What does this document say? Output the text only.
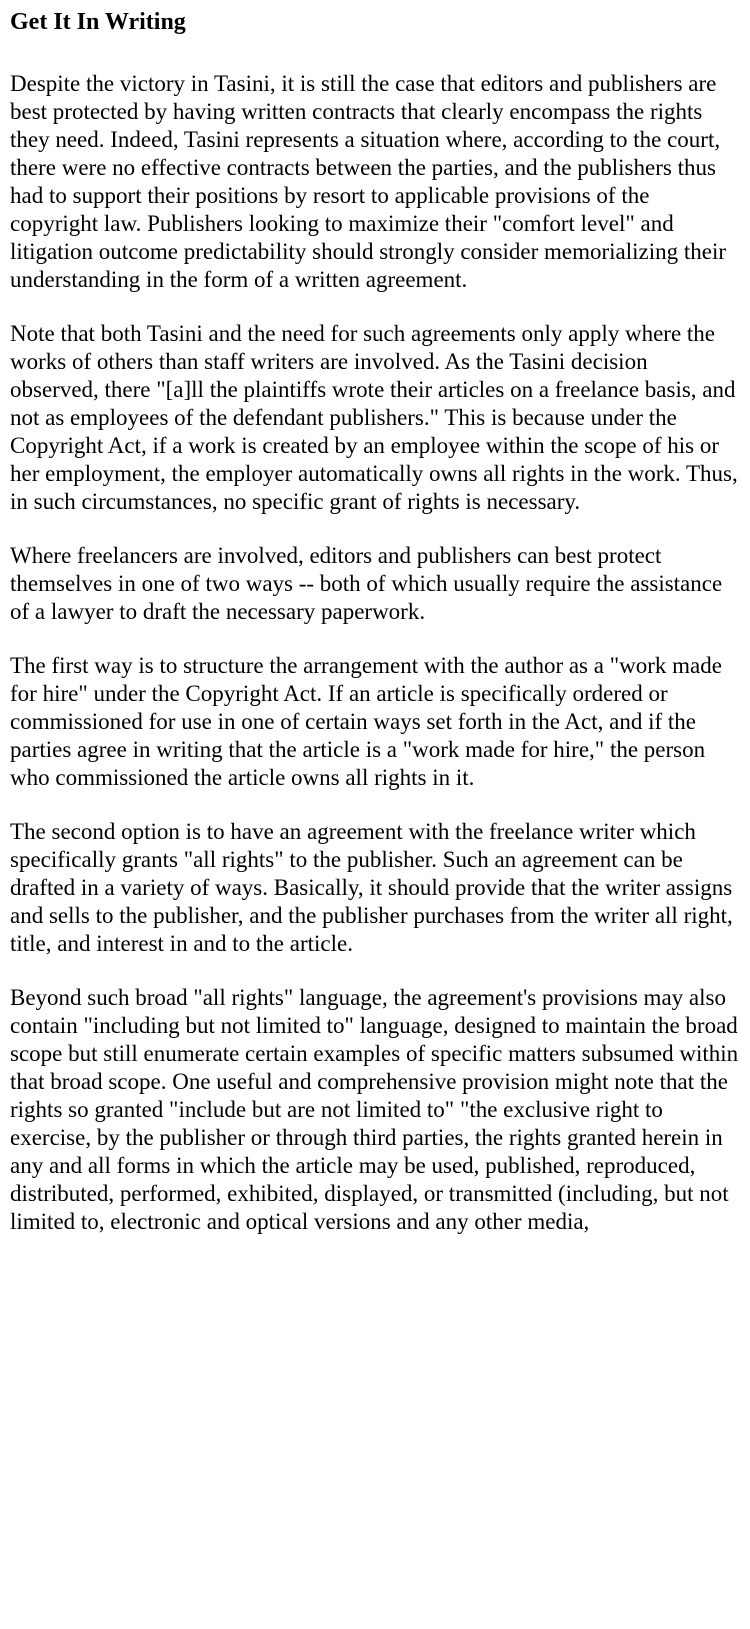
Get It In Writing

Despite the victory in Tasini, it is still the case that editors and publishers are best protected by having written contracts that clearly encompass the rights they need. Indeed, Tasini represents a situation where, according to the court, there were no effective contracts between the parties, and the publishers thus had to support their positions by resort to applicable provisions of the copyright law. Publishers looking to maximize their "comfort level" and litigation outcome predictability should strongly consider memorializing their understanding in the form of a written agreement.

Note that both Tasini and the need for such agreements only apply where the works of others than staff writers are involved. As the Tasini decision observed, there "[a]ll the plaintiffs wrote their articles on a freelance basis, and not as employees of the defendant publishers." This is because under the Copyright Act, if a work is created by an employee within the scope of his or her employment, the employer automatically owns all rights in the work. Thus, in such circumstances, no specific grant of rights is necessary.

Where freelancers are involved, editors and publishers can best protect themselves in one of two ways -- both of which usually require the assistance of a lawyer to draft the necessary paperwork.

The first way is to structure the arrangement with the author as a "work made for hire" under the Copyright Act. If an article is specifically ordered or commissioned for use in one of certain ways set forth in the Act, and if the parties agree in writing that the article is a "work made for hire," the person who commissioned the article owns all rights in it.

The second option is to have an agreement with the freelance writer which specifically grants "all rights" to the publisher. Such an agreement can be drafted in a variety of ways. Basically, it should provide that the writer assigns and sells to the publisher, and the publisher purchases from the writer all right, title, and interest in and to the article.

Beyond such broad "all rights" language, the agreement's provisions may also contain "including but not limited to" language, designed to maintain the broad scope but still enumerate certain examples of specific matters subsumed within that broad scope. One useful and comprehensive provision might note that the rights so granted "include but are not limited to" "the exclusive right to exercise, by the publisher or through third parties, the rights granted herein in any and all forms in which the article may be used, published, reproduced, distributed, performed, exhibited, displayed, or transmitted (including, but not limited to, electronic and optical versions and any other media,
